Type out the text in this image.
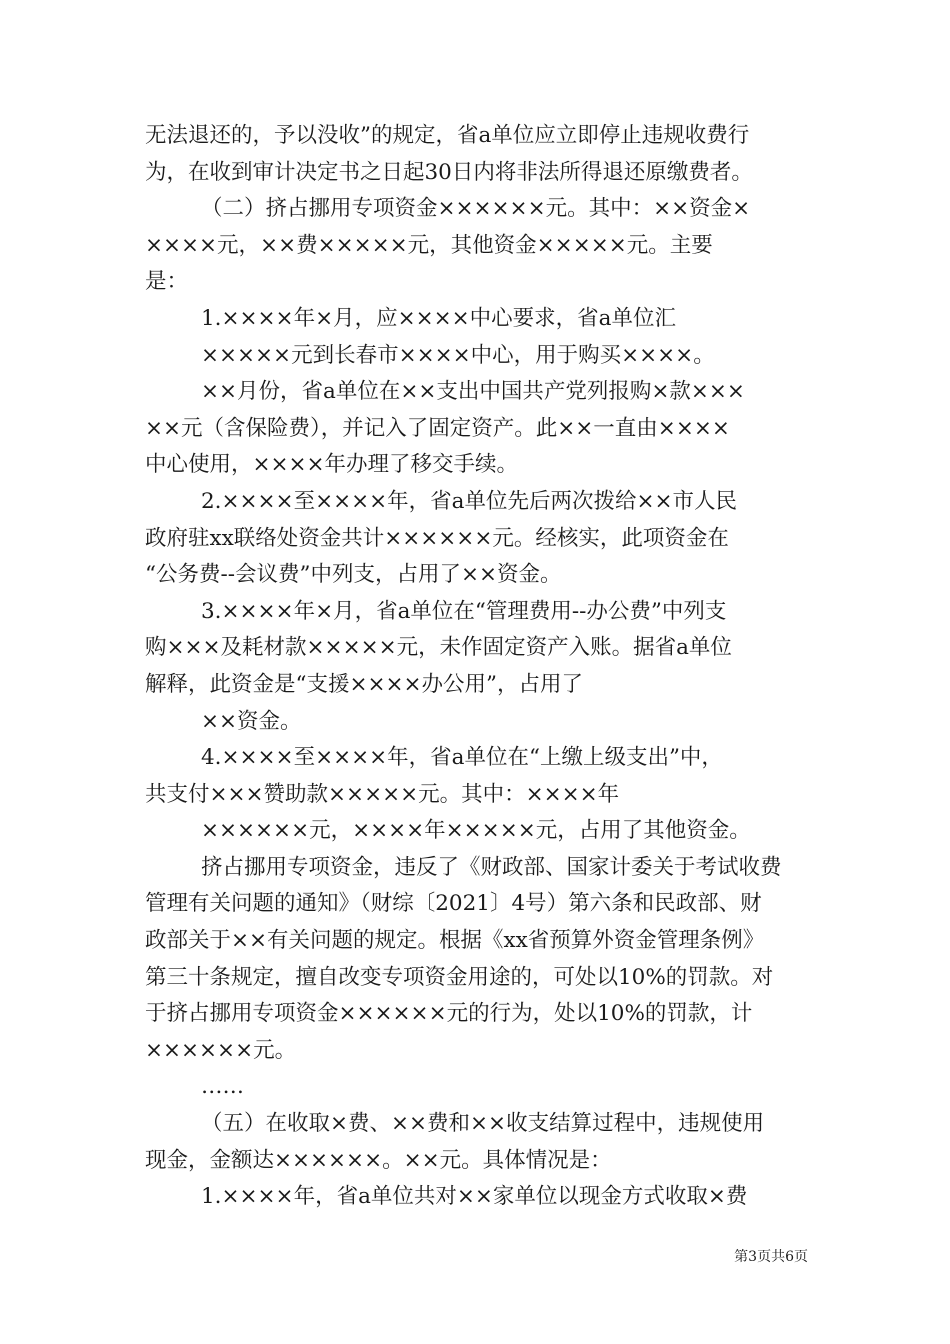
无法退还的，予以没收”的规定，省a单位应立即停止违规收费行
为，在收到审计决定书之日起30日内将非法所得退还原缴费者。
（二）挤占挪用专项资金××××××元。其中：××资金×
××××元，××费×××××元，其他资金×××××元。主要
是：
1.××××年×月，应××××中心要求，省a单位汇
×××××元到长春市××××中心，用于购买××××。
××月份，省a单位在××支出中国共产党列报购×款×××
××元（含保险费），并记入了固定资产。此××一直由××××
中心使用，××××年办理了移交手续。
2.××××至××××年，省a单位先后两次拨给××市人民
政府驻xx联络处资金共计××××××元。经核实，此项资金在
“公务费--会议费”中列支，占用了××资金。
3.××××年×月，省a单位在“管理费用--办公费”中列支
购×××及耗材款×××××元，未作固定资产入账。据省a单位
解释，此资金是“支援××××办公用”，占用了
××资金。
4.××××至××××年，省a单位在“上缴上级支出”中，
共支付×××赞助款×××××元。其中：××××年
××××××元，××××年×××××元，占用了其他资金。
挤占挪用专项资金，违反了《财政部、国家计委关于考试收费
管理有关问题的通知》（财综〔2021〕4号）第六条和民政部、财
政部关于××有关问题的规定。根据《xx省预算外资金管理条例》
第三十条规定，擅自改变专项资金用途的，可处以10%的罚款。对
于挤占挪用专项资金××××××元的行为，处以10%的罚款，计
××××××元。
……
（五）在收取×费、××费和××收支结算过程中，违规使用
现金，金额达××××××。××元。具体情况是：
1.××××年，省a单位共对××家单位以现金方式收取×费
第3页共6页
